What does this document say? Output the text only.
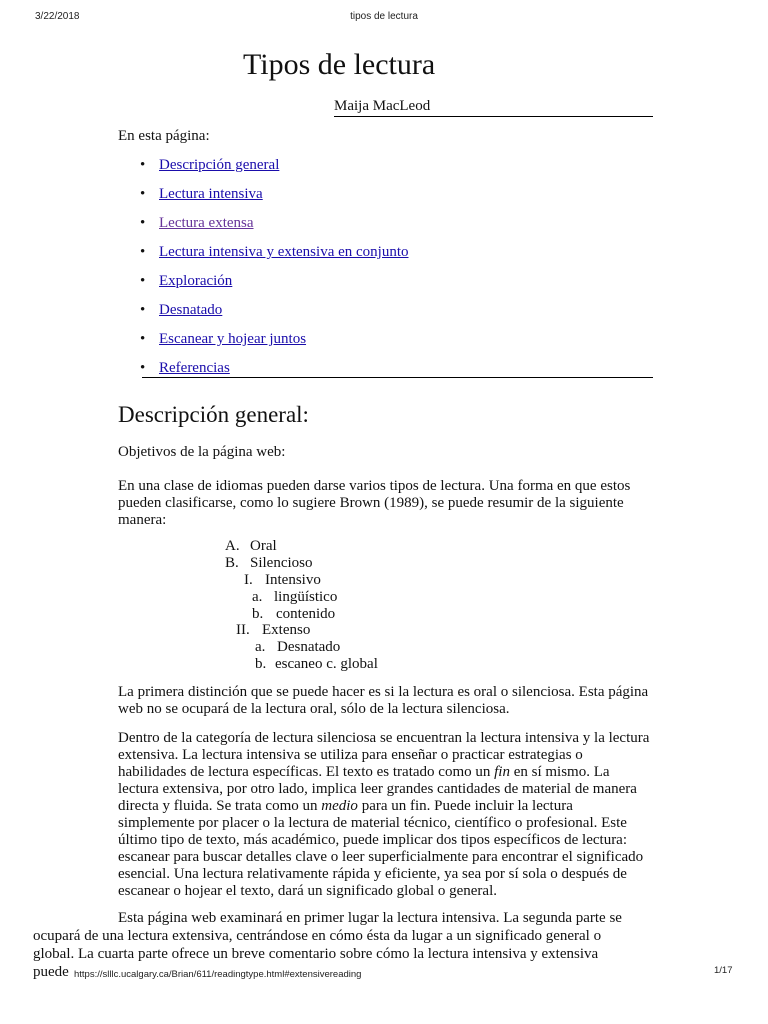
3/22/2018	tipos de lectura
Tipos de lectura
Maija MacLeod
En esta página:
• Descripción general
• Lectura intensiva
• Lectura extensa
• Lectura intensiva y extensiva en conjunto
• Exploración
• Desnatado
• Escanear y hojear juntos
• Referencias
Descripción general:

Objetivos de la página web:

En una clase de idiomas pueden darse varios tipos de lectura. Una forma en que estos pueden clasificarse, como lo sugiere Brown (1989), se puede resumir de la siguiente manera:

A. Oral
B. Silencioso
I. Intensivo
a. lingüístico
b. contenido
II. Extenso
a. Desnatado
b. escaneo c. global

La primera distinción que se puede hacer es si la lectura es oral o silenciosa. Esta página web no se ocupará de la lectura oral, sólo de la lectura silenciosa.

Dentro de la categoría de lectura silenciosa se encuentran la lectura intensiva y la lectura extensiva. La lectura intensiva se utiliza para enseñar o practicar estrategias o habilidades de lectura específicas. El texto es tratado como un fin en sí mismo. La lectura extensiva, por otro lado, implica leer grandes cantidades de material de manera directa y fluida. Se trata como un medio para un fin. Puede incluir la lectura simplemente por placer o la lectura de material técnico, científico o profesional. Este último tipo de texto, más académico, puede implicar dos tipos específicos de lectura: escanear para buscar detalles clave o leer superficialmente para encontrar el significado esencial. Una lectura relativamente rápida y eficiente, ya sea por sí sola o después de escanear o hojear el texto, dará un significado global o general.

Esta página web examinará en primer lugar la lectura intensiva. La segunda parte se
ocupará de una lectura extensiva, centrándose en cómo ésta da lugar a un significado general o
global. La cuarta parte ofrece un breve comentario sobre cómo la lectura intensiva y extensiva
puede https://slllc.ucalgary.ca/Brian/611/readingtype.html#extensivereading	1/17
